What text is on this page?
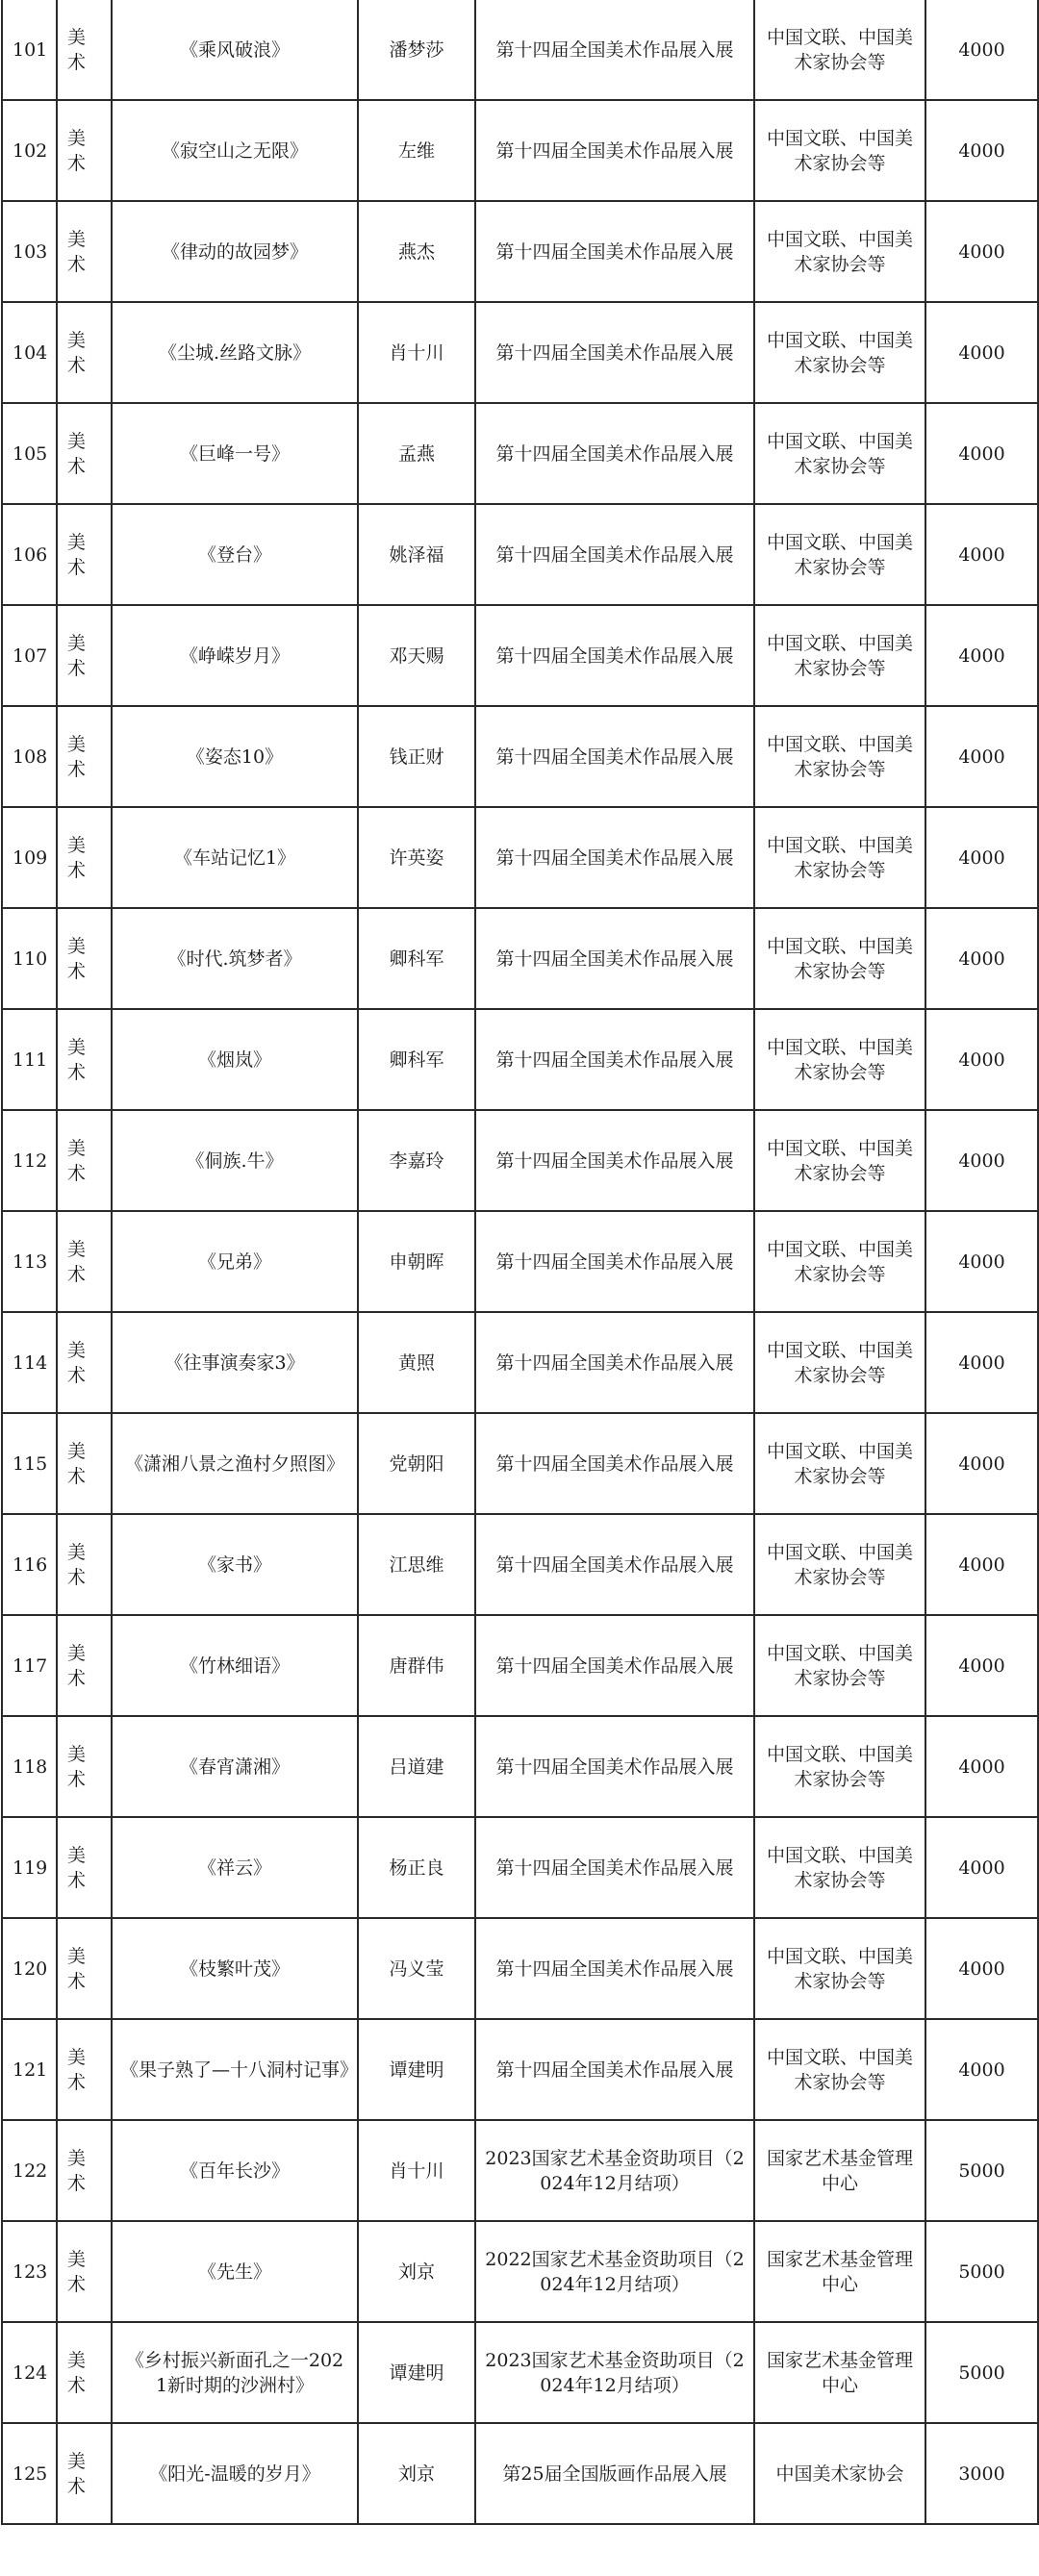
101	美术	《乘风破浪》	潘梦莎	第十四届全国美术作品展入展	中国文联、中国美术家协会等	4000
102	美术	《寂空山之无限》	左维	第十四届全国美术作品展入展	中国文联、中国美术家协会等	4000
103	美术	《律动的故园梦》	燕杰	第十四届全国美术作品展入展	中国文联、中国美术家协会等	4000
104	美术	《尘城.丝路文脉》	肖十川	第十四届全国美术作品展入展	中国文联、中国美术家协会等	4000
105	美术	《巨峰一号》	孟燕	第十四届全国美术作品展入展	中国文联、中国美术家协会等	4000
106	美术	《登台》	姚泽福	第十四届全国美术作品展入展	中国文联、中国美术家协会等	4000
107	美术	《峥嵘岁月》	邓天赐	第十四届全国美术作品展入展	中国文联、中国美术家协会等	4000
108	美术	《姿态10》	钱正财	第十四届全国美术作品展入展	中国文联、中国美术家协会等	4000
109	美术	《车站记忆1》	许英姿	第十四届全国美术作品展入展	中国文联、中国美术家协会等	4000
110	美术	《时代.筑梦者》	卿科军	第十四届全国美术作品展入展	中国文联、中国美术家协会等	4000
111	美术	《烟岚》	卿科军	第十四届全国美术作品展入展	中国文联、中国美术家协会等	4000
112	美术	《侗族.牛》	李嘉玲	第十四届全国美术作品展入展	中国文联、中国美术家协会等	4000
113	美术	《兄弟》	申朝晖	第十四届全国美术作品展入展	中国文联、中国美术家协会等	4000
114	美术	《往事演奏家3》	黄照	第十四届全国美术作品展入展	中国文联、中国美术家协会等	4000
115	美术	《潇湘八景之渔村夕照图》	党朝阳	第十四届全国美术作品展入展	中国文联、中国美术家协会等	4000
116	美术	《家书》	江思维	第十四届全国美术作品展入展	中国文联、中国美术家协会等	4000
117	美术	《竹林细语》	唐群伟	第十四届全国美术作品展入展	中国文联、中国美术家协会等	4000
118	美术	《春宵潇湘》	吕道建	第十四届全国美术作品展入展	中国文联、中国美术家协会等	4000
119	美术	《祥云》	杨正良	第十四届全国美术作品展入展	中国文联、中国美术家协会等	4000
120	美术	《枝繁叶茂》	冯义莹	第十四届全国美术作品展入展	中国文联、中国美术家协会等	4000
121	美术	《果子熟了—十八洞村记事》	谭建明	第十四届全国美术作品展入展	中国文联、中国美术家协会等	4000
122	美术	《百年长沙》	肖十川	2023国家艺术基金资助项目（2024年12月结项）	国家艺术基金管理中心	5000
123	美术	《先生》	刘京	2022国家艺术基金资助项目（2024年12月结项）	国家艺术基金管理中心	5000
124	美术	《乡村振兴新面孔之一2021新时期的沙洲村》	谭建明	2023国家艺术基金资助项目（2024年12月结项）	国家艺术基金管理中心	5000
125	美术	《阳光-温暖的岁月》	刘京	第25届全国版画作品展入展	中国美术家协会	3000
